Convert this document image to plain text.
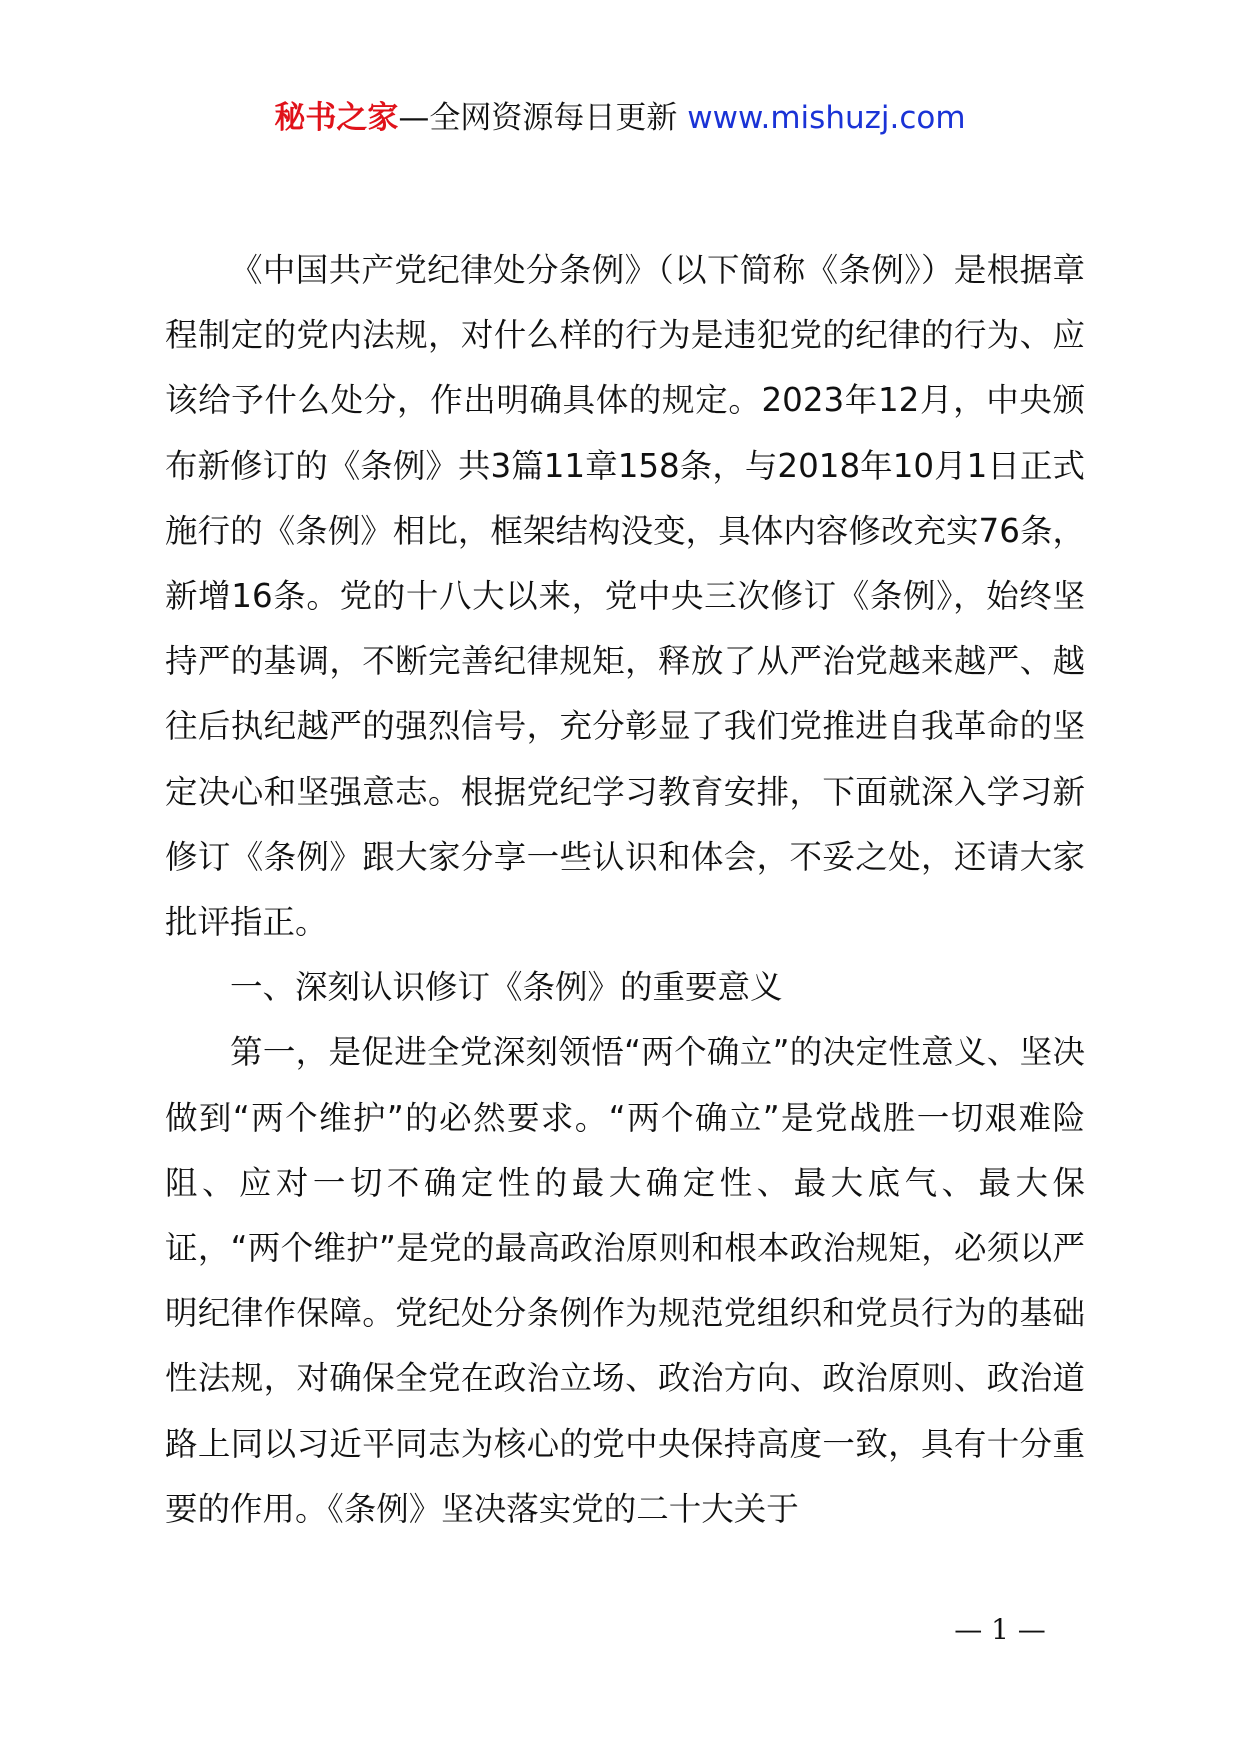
秘书之家—全网资源每日更新 www.mishuzj.com

《中国共产党纪律处分条例》（以下简称《条例》）是根据章程制定的党内法规，对什么样的行为是违犯党的纪律的行为、应该给予什么处分，作出明确具体的规定。2023年12月，中央颁布新修订的《条例》共3篇11章158条，与2018年10月1日正式施行的《条例》相比，框架结构没变，具体内容修改充实76条，新增16条。党的十八大以来，党中央三次修订《条例》，始终坚持严的基调，不断完善纪律规矩，释放了从严治党越来越严、越往后执纪越严的强烈信号，充分彰显了我们党推进自我革命的坚定决心和坚强意志。根据党纪学习教育安排，下面就深入学习新修订《条例》跟大家分享一些认识和体会，不妥之处，还请大家批评指正。

一、深刻认识修订《条例》的重要意义

第一，是促进全党深刻领悟“两个确立”的决定性意义、坚决做到“两个维护”的必然要求。“两个确立”是党战胜一切艰难险阻、应对一切不确定性的最大确定性、最大底气、最大保证，“两个维护”是党的最高政治原则和根本政治规矩，必须以严明纪律作保障。党纪处分条例作为规范党组织和党员行为的基础性法规，对确保全党在政治立场、政治方向、政治原则、政治道路上同以习近平同志为核心的党中央保持高度一致，具有十分重要的作用。《条例》坚决落实党的二十大关于

— 1 —
